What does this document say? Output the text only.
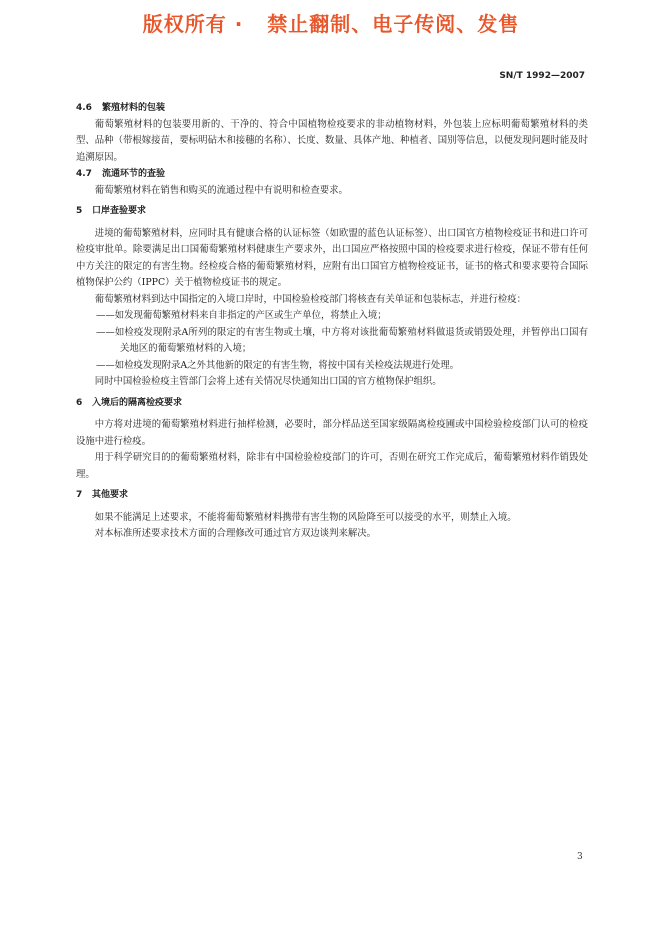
版权所有 ·   禁止翻制、电子传阅、发售
SN/T 1992—2007
4.6 繁殖材料的包装

葡萄繁殖材料的包装要用新的、干净的、符合中国植物检疫要求的非动植物材料，外包装上应标明葡萄繁殖材料的类型、品种（带根嫁接苗，要标明砧木和接穗的名称）、长度、数量、具体产地、种植者、国别等信息，以便发现问题时能及时追溯原因。

4.7 流通环节的查验

葡萄繁殖材料在销售和购买的流通过程中有说明和检查要求。

5 口岸查验要求

进境的葡萄繁殖材料，应同时具有健康合格的认证标签（如欧盟的蓝色认证标签）、出口国官方植物检疫证书和进口许可检疫审批单。除要满足出口国葡萄繁殖材料健康生产要求外，出口国应严格按照中国的检疫要求进行检疫，保证不带有任何中方关注的限定的有害生物。经检疫合格的葡萄繁殖材料，应附有出口国官方植物检疫证书，证书的格式和要求要符合国际植物保护公约（IPPC）关于植物检疫证书的规定。

葡萄繁殖材料到达中国指定的入境口岸时，中国检验检疫部门将核查有关单证和包装标志，并进行检疫：

——如发现葡萄繁殖材料来自非指定的产区或生产单位，将禁止入境；

——如检疫发现附录A所列的限定的有害生物或土壤，中方将对该批葡萄繁殖材料做退货或销毁处理，并暂停出口国有关地区的葡萄繁殖材料的入境；

——如检疫发现附录A之外其他新的限定的有害生物，将按中国有关检疫法规进行处理。

同时中国检验检疫主管部门会将上述有关情况尽快通知出口国的官方植物保护组织。

6 入境后的隔离检疫要求

中方将对进境的葡萄繁殖材料进行抽样检测，必要时，部分样品送至国家级隔离检疫圃或中国检验检疫部门认可的检疫设施中进行检疫。

用于科学研究目的的葡萄繁殖材料，除非有中国检验检疫部门的许可，否则在研究工作完成后，葡萄繁殖材料作销毁处理。

7 其他要求

如果不能满足上述要求，不能将葡萄繁殖材料携带有害生物的风险降至可以接受的水平，则禁止入境。

对本标准所述要求技术方面的合理修改可通过官方双边谈判来解决。

3
